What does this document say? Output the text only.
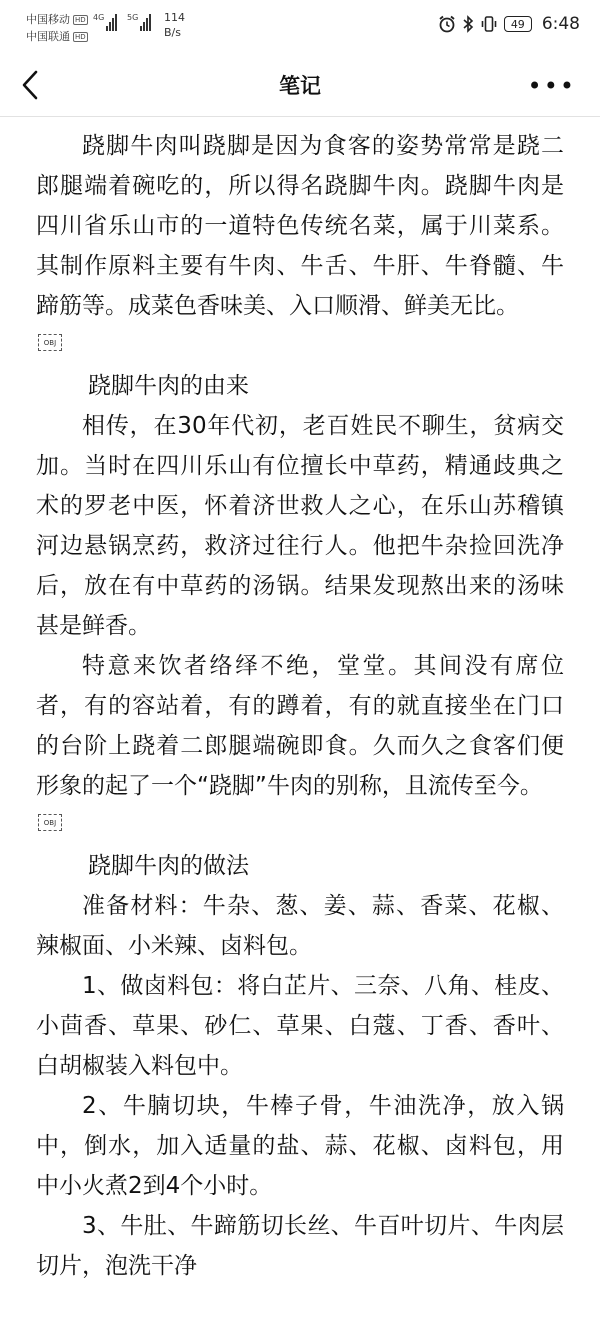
中国移动 HD
中国联通 HD
4G	5G 114
B/s
49	6:48
笔记	•••

跷脚牛肉叫跷脚是因为食客的姿势常常是跷二郎腿端着碗吃的，所以得名跷脚牛肉。跷脚牛肉是四川省乐山市的一道特色传统名菜，属于川菜系。其制作原料主要有牛肉、牛舌、牛肝、牛脊髓、牛蹄筋等。成菜色香味美、入口顺滑、鲜美无比。

OBJ

跷脚牛肉的由来

相传，在30年代初，老百姓民不聊生，贫病交加。当时在四川乐山有位擅长中草药，精通歧典之术的罗老中医，怀着济世救人之心，在乐山苏稽镇河边悬锅烹药，救济过往行人。他把牛杂捡回洗净后，放在有中草药的汤锅。结果发现熬出来的汤味甚是鲜香。

特意来饮者络绎不绝，堂堂。其间没有席位者，有的容站着，有的蹲着，有的就直接坐在门口的台阶上跷着二郎腿端碗即食。久而久之食客们便形象的起了一个“跷脚”牛肉的别称，且流传至今。

OBJ

跷脚牛肉的做法

准备材料：牛杂、葱、姜、蒜、香菜、花椒、辣椒面、小米辣、卤料包。

1、做卤料包：将白芷片、三奈、八角、桂皮、小茴香、草果、砂仁、草果、白蔻、丁香、香叶、白胡椒装入料包中。

2、牛腩切块，牛棒子骨，牛油洗净，放入锅中，倒水，加入适量的盐、蒜、花椒、卤料包，用中小火煮2到4个小时。

3、牛肚、牛蹄筋切长丝、牛百叶切片、牛肉层切片，泡洗干净
